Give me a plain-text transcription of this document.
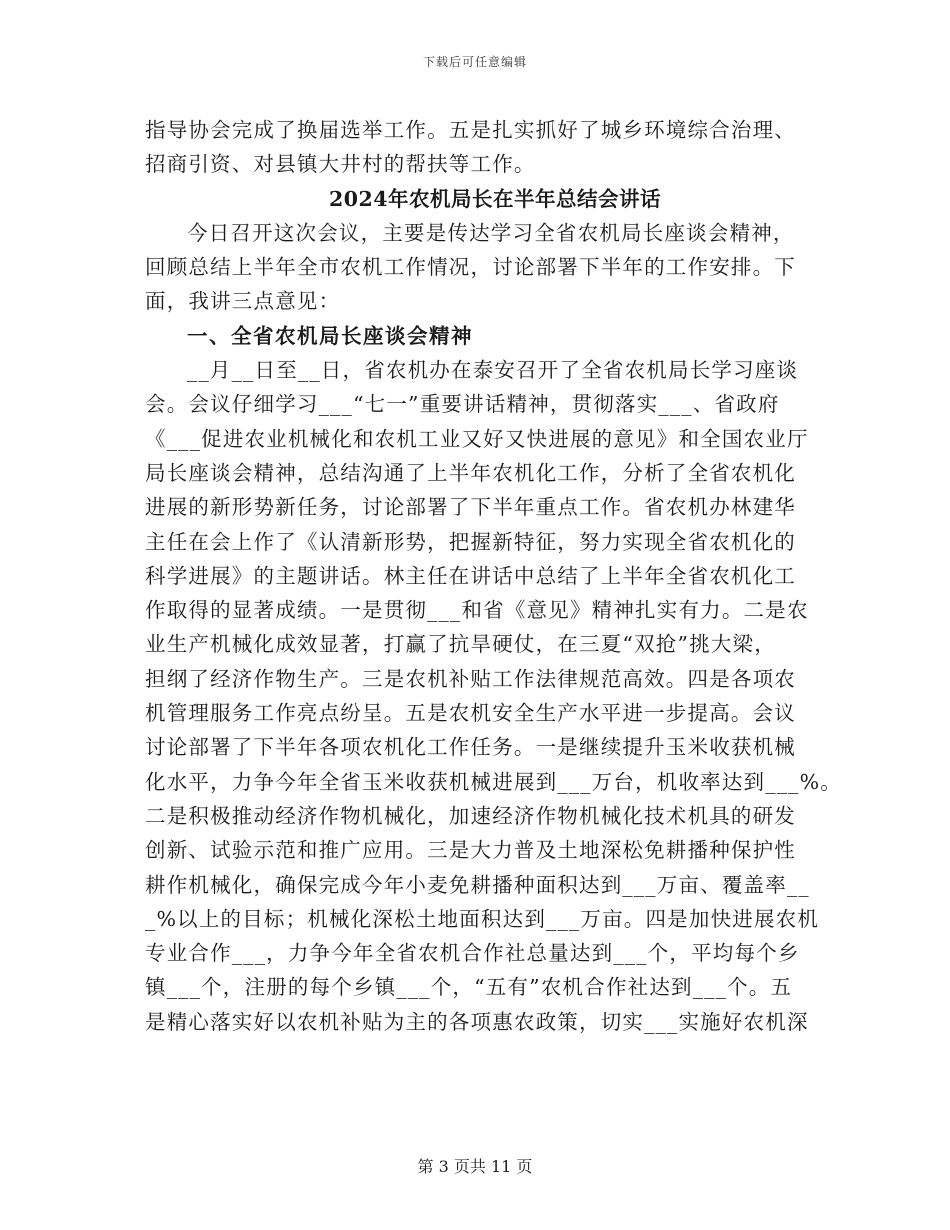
下载后可任意编辑
指导协会完成了换届选举工作。五是扎实抓好了城乡环境综合治理、
招商引资、对县镇大井村的帮扶等工作。
2024年农机局长在半年总结会讲话
今日召开这次会议，主要是传达学习全省农机局长座谈会精神，
回顾总结上半年全市农机工作情况，讨论部署下半年的工作安排。下
面，我讲三点意见：
一、全省农机局长座谈会精神
__月__日至__日，省农机办在泰安召开了全省农机局长学习座谈
会。会议仔细学习___“七一”重要讲话精神，贯彻落实___、省政府
《___促进农业机械化和农机工业又好又快进展的意见》和全国农业厅
局长座谈会精神，总结沟通了上半年农机化工作，分析了全省农机化
进展的新形势新任务，讨论部署了下半年重点工作。省农机办林建华
主任在会上作了《认清新形势，把握新特征，努力实现全省农机化的
科学进展》的主题讲话。林主任在讲话中总结了上半年全省农机化工
作取得的显著成绩。一是贯彻___和省《意见》精神扎实有力。二是农
业生产机械化成效显著，打赢了抗旱硬仗，在三夏“双抢”挑大梁，
担纲了经济作物生产。三是农机补贴工作法律规范高效。四是各项农
机管理服务工作亮点纷呈。五是农机安全生产水平进一步提高。会议
讨论部署了下半年各项农机化工作任务。一是继续提升玉米收获机械
化水平，力争今年全省玉米收获机械进展到___万台，机收率达到___%。
二是积极推动经济作物机械化，加速经济作物机械化技术机具的研发
创新、试验示范和推广应用。三是大力普及土地深松免耕播种保护性
耕作机械化，确保完成今年小麦免耕播种面积达到___万亩、覆盖率__
_%以上的目标；机械化深松土地面积达到___万亩。四是加快进展农机
专业合作___，力争今年全省农机合作社总量达到___个，平均每个乡
镇___个，注册的每个乡镇___个，“五有”农机合作社达到___个。五
是精心落实好以农机补贴为主的各项惠农政策，切实___实施好农机深
第 3 页共 11 页
